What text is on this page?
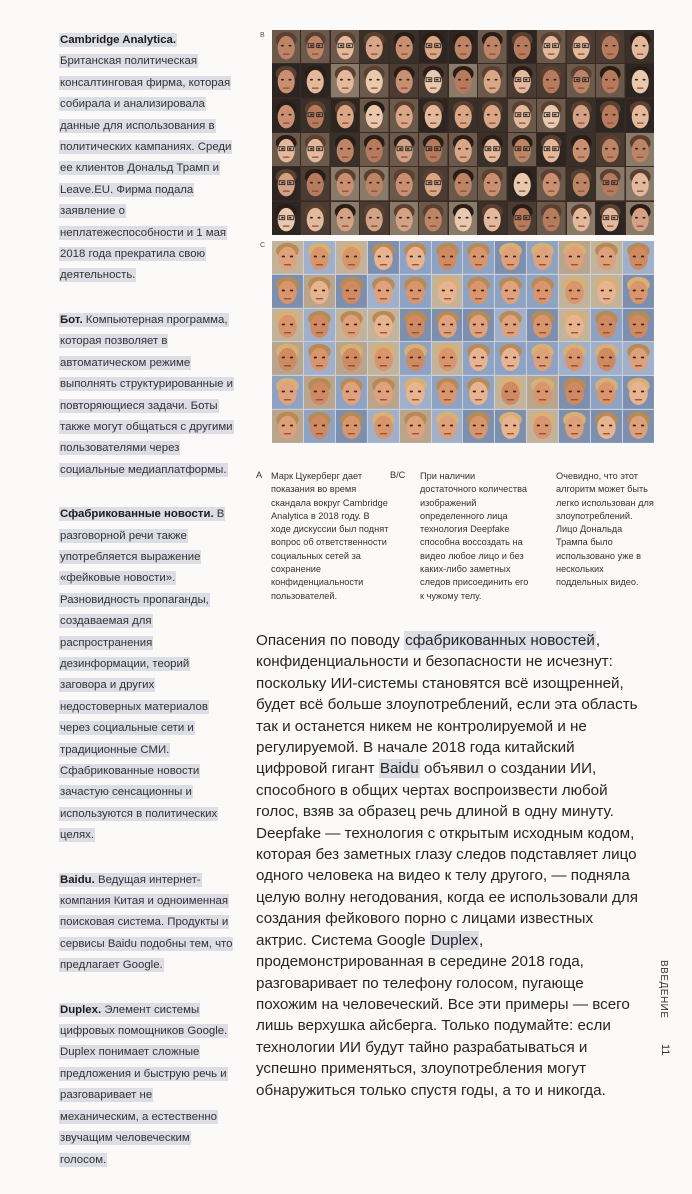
Cambridge Analytica. Британская политическая консалтинговая фирма, которая собирала и анализировала данные для использования в политических кампаниях. Среди ее клиентов Дональд Трамп и Leave.EU. Фирма подала заявление о неплатежеспособности и 1 мая 2018 года прекратила свою деятельность.

Бот. Компьютерная программа, которая позволяет в автоматическом режиме выполнять структурированные и повторяющиеся задачи. Боты также могут общаться с другими пользователями через социальные медиаплатформы.

Сфабрикованные новости. В разговорной речи также употребляется выражение «фейковые новости». Разновидность пропаганды, создаваемая для распространения дезинформации, теорий заговора и других недостоверных материалов через социальные сети и традиционные СМИ. Сфабрикованные новости зачастую сенсационны и используются в политических целях.

Baidu. Ведущая интернет-компания Китая и одноименная поисковая система. Продукты и сервисы Baidu подобны тем, что предлагает Google.

Duplex. Элемент системы цифровых помощников Google. Duplex понимает сложные предложения и быструю речь и разговаривает не механическим, а естественно звучащим человеческим голосом.

B
C
A Марк Цукерберг дает показания во время скандала вокруг Cambridge Analytica в 2018 году. В ходе дискуссии был поднят вопрос об ответственности социальных сетей за сохранение конфиденциальности пользователей.

B/C При наличии достаточного количества изображений определенного лица технология Deepfake способна воссоздать на видео любое лицо и без каких-либо заметных следов присоединить его к чужому телу.

Очевидно, что этот алгоритм может быть легко использован для злоупотреблений. Лицо Дональда Трампа было использовано уже в нескольких поддельных видео.

Опасения по поводу сфабрикованных новостей, конфиденциальности и безопасности не исчезнут: поскольку ИИ-системы становятся всё изощренней, будет всё больше злоупотреблений, если эта область так и останется никем не контролируемой и не регулируемой. В начале 2018 года китайский цифровой гигант Baidu объявил о создании ИИ, способного в общих чертах воспроизвести любой голос, взяв за образец речь длиной в одну минуту. Deepfake — технология с открытым исходным кодом, которая без заметных глазу следов подставляет лицо одного человека на видео к телу другого, — подняла целую волну негодования, когда ее использовали для создания фейкового порно с лицами известных актрис. Система Google Duplex, продемонстрированная в середине 2018 года, разговаривает по телефону голосом, пугающе похожим на человеческий. Все эти примеры — всего лишь верхушка айсберга. Только подумайте: если технологии ИИ будут тайно разрабатываться и успешно применяться, злоупотребления могут обнаружиться только спустя годы, а то и никогда.

ВВЕДЕНИЕ
11
